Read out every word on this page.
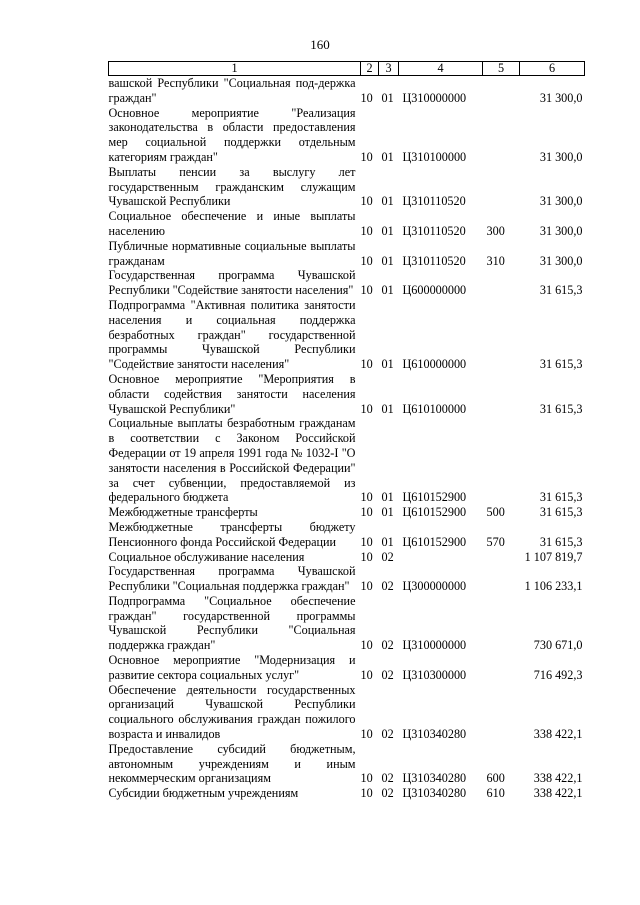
160
1	2	3	4	5	6
вашской Республики "Социальная под-держка граждан"	10	01	Ц310000000		31 300,0
Основное мероприятие "Реализация законодательства в области предоставления мер социальной поддержки отдельным категориям граждан"	10	01	Ц310100000		31 300,0
Выплаты пенсии за выслугу лет государственным гражданским служащим Чувашской Республики	10	01	Ц310110520		31 300,0
Социальное обеспечение и иные выплаты населению	10	01	Ц310110520	300	31 300,0
Публичные нормативные социальные выплаты гражданам	10	01	Ц310110520	310	31 300,0
Государственная программа Чувашской Республики "Содействие занятости населения"	10	01	Ц600000000		31 615,3
Подпрограмма "Активная политика занятости населения и социальная поддержка безработных граждан" государственной программы Чувашской Республики "Содействие занятости населения"	10	01	Ц610000000		31 615,3
Основное мероприятие "Мероприятия в области содействия занятости населения Чувашской Республики"	10	01	Ц610100000		31 615,3
Социальные выплаты безработным гражданам в соответствии с Законом Российской Федерации от 19 апреля 1991 года № 1032-I "О занятости населения в Российской Федерации" за счет субвенции, предоставляемой из федерального бюджета	10	01	Ц610152900		31 615,3
Межбюджетные трансферты	10	01	Ц610152900	500	31 615,3
Межбюджетные трансферты бюджету Пенсионного фонда Российской Федерации	10	01	Ц610152900	570	31 615,3
Социальное обслуживание населения	10	02			1 107 819,7
Государственная программа Чувашской Республики "Социальная поддержка граждан"	10	02	Ц300000000		1 106 233,1
Подпрограмма "Социальное обеспечение граждан" государственной программы Чувашской Республики "Социальная поддержка граждан"	10	02	Ц310000000		730 671,0
Основное мероприятие "Модернизация и развитие сектора социальных услуг"	10	02	Ц310300000		716 492,3
Обеспечение деятельности государственных организаций Чувашской Республики социального обслуживания граждан пожилого возраста и инвалидов	10	02	Ц310340280		338 422,1
Предоставление субсидий бюджетным, автономным учреждениям и иным некоммерческим организациям	10	02	Ц310340280	600	338 422,1
Субсидии бюджетным учреждениям	10	02	Ц310340280	610	338 422,1
